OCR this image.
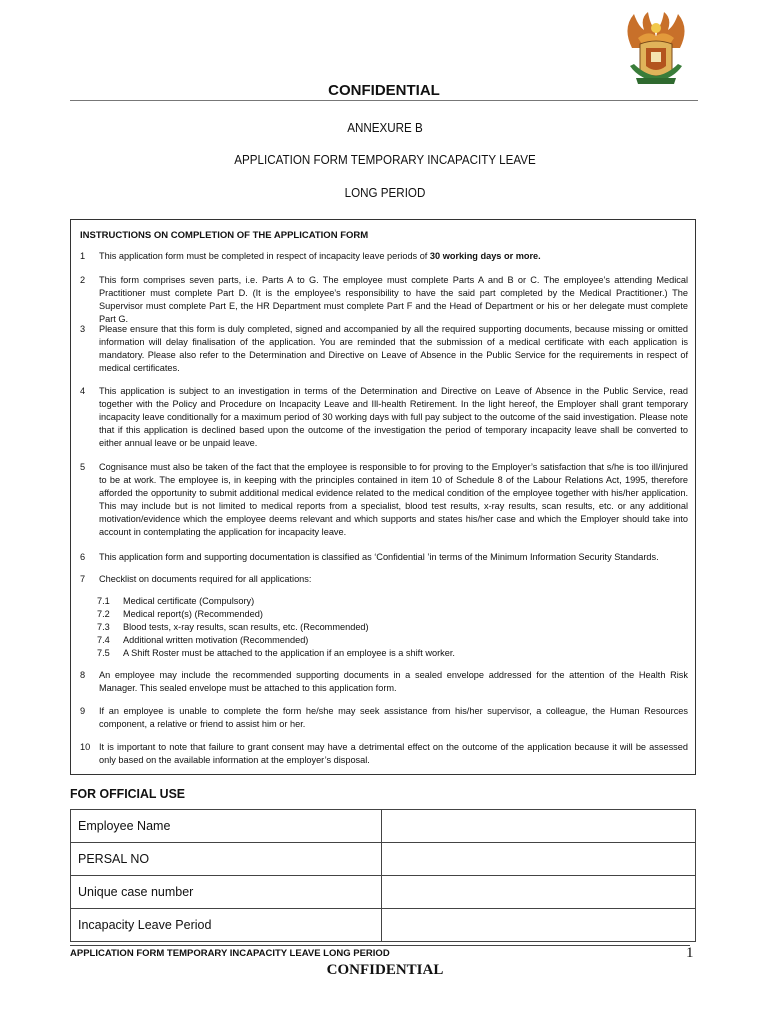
CONFIDENTIAL
ANNEXURE B
APPLICATION FORM TEMPORARY INCAPACITY LEAVE
LONG PERIOD
INSTRUCTIONS ON COMPLETION OF THE APPLICATION FORM
1 This application form must be completed in respect of incapacity leave periods of 30 working days or more.
2 This form comprises seven parts, i.e. Parts A to G. The employee must complete Parts A and B or C. The employee’s attending Medical Practitioner must complete Part D. (It is the employee’s responsibility to have the said part completed by the Medical Practitioner.) The Supervisor must complete Part E, the HR Department must complete Part F and the Head of Department or his or her delegate must complete Part G.
3 Please ensure that this form is duly completed, signed and accompanied by all the required supporting documents, because missing or omitted information will delay finalisation of the application. You are reminded that the submission of a medical certificate with each application is mandatory. Please also refer to the Determination and Directive on Leave of Absence in the Public Service for the requirements in respect of medical certificates.
4 This application is subject to an investigation in terms of the Determination and Directive on Leave of Absence in the Public Service, read together with the Policy and Procedure on Incapacity Leave and Ill-health Retirement. In the light hereof, the Employer shall grant temporary incapacity leave conditionally for a maximum period of 30 working days with full pay subject to the outcome of the said investigation. Please note that if this application is declined based upon the outcome of the investigation the period of temporary incapacity leave shall be converted to either annual leave or be unpaid leave.
5 Cognisance must also be taken of the fact that the employee is responsible to for proving to the Employer’s satisfaction that s/he is too ill/injured to be at work. The employee is, in keeping with the principles contained in item 10 of Schedule 8 of the Labour Relations Act, 1995, therefore afforded the opportunity to submit additional medical evidence related to the medical condition of the employee together with his/her application. This may include but is not limited to medical reports from a specialist, blood test results, x-ray results, scan results, etc. or any additional motivation/evidence which the employee deems relevant and which supports and states his/her case and which the Employer should take into account in contemplating the application for incapacity leave.
6 This application form and supporting documentation is classified as ‘Confidential ’in terms of the Minimum Information Security Standards.
7 Checklist on documents required for all applications:
7.1 Medical certificate (Compulsory)
7.2 Medical report(s) (Recommended)
7.3 Blood tests, x-ray results, scan results, etc. (Recommended)
7.4 Additional written motivation (Recommended)
7.5 A Shift Roster must be attached to the application if an employee is a shift worker.
8 An employee may include the recommended supporting documents in a sealed envelope addressed for the attention of the Health Risk Manager. This sealed envelope must be attached to this application form.
9 If an employee is unable to complete the form he/she may seek assistance from his/her supervisor, a colleague, the Human Resources component, a relative or friend to assist him or her.
10 It is important to note that failure to grant consent may have a detrimental effect on the outcome of the application because it will be assessed only based on the available information at the employer’s disposal.
FOR OFFICIAL USE
Employee Name	
PERSAL NO	
Unique case number	
Incapacity Leave Period	
APPLICATION FORM TEMPORARY INCAPACITY LEAVE LONG PERIOD	1
CONFIDENTIAL
